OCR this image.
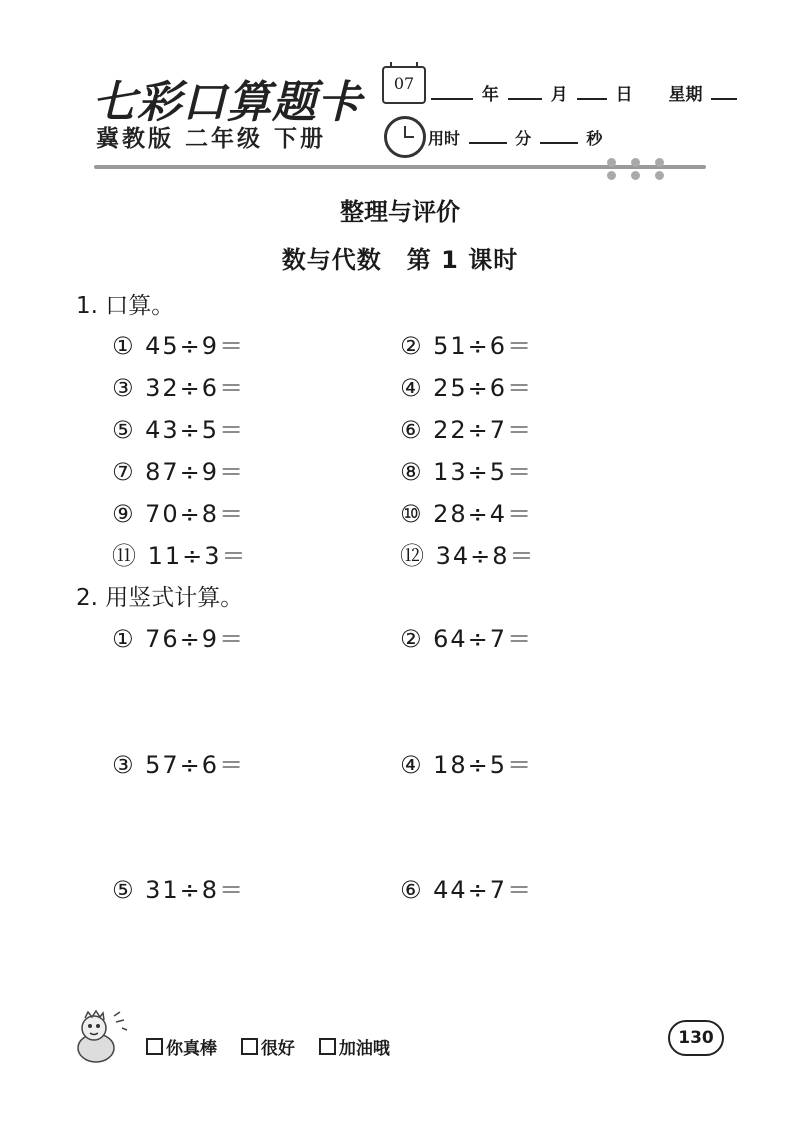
七彩口算题卡
冀教版 二年级 下册
07
年	月	日 星期
用时	分	秒
整理与评价
数与代数　第 1 课时
1. 口算。
① 45÷9＝	② 51÷6＝
③ 32÷6＝	④ 25÷6＝
⑤ 43÷5＝	⑥ 22÷7＝
⑦ 87÷9＝	⑧ 13÷5＝
⑨ 70÷8＝	⑩ 28÷4＝
⑪ 11÷3＝	⑫ 34÷8＝
2. 用竖式计算。
① 76÷9＝	② 64÷7＝
③ 57÷6＝	④ 18÷5＝
⑤ 31÷8＝	⑥ 44÷7＝
你真棒	很好	加油哦
130
